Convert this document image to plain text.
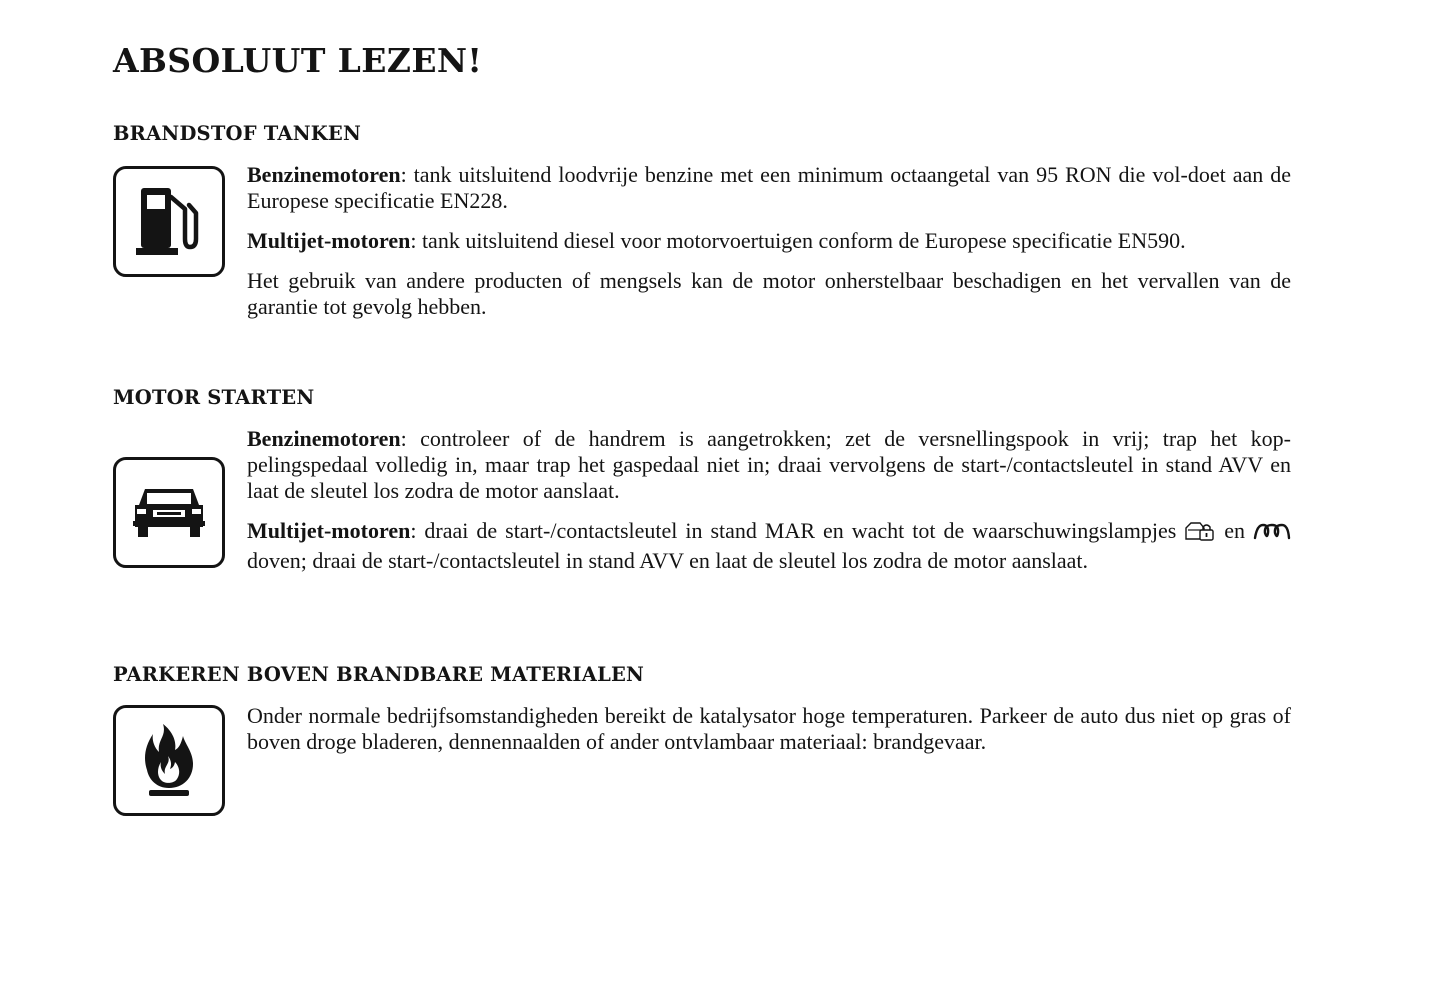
ABSOLUUT LEZEN!
BRANDSTOF TANKEN

Benzinemotoren: tank uitsluitend loodvrije benzine met een minimum octaangetal van 95 RON die vol-doet aan de Europese specificatie EN228.

Multijet-motoren: tank uitsluitend diesel voor motorvoertuigen conform de Europese specificatie EN590.

Het gebruik van andere producten of mengsels kan de motor onherstelbaar beschadigen en het vervallen van de garantie tot gevolg hebben.

MOTOR STARTEN

Benzinemotoren: controleer of de handrem is aangetrokken; zet de versnellingspook in vrij; trap het kop-pelingspedaal volledig in, maar trap het gaspedaal niet in; draai vervolgens de start-/contactsleutel in stand AVV en laat de sleutel los zodra de motor aanslaat.

Multijet-motoren: draai de start-/contactsleutel in stand MAR en wacht tot de waarschuwingslampjes en  doven; draai de start-/contactsleutel in stand AVV en laat de sleutel los zodra de motor aanslaat.

PARKEREN BOVEN BRANDBARE MATERIALEN

Onder normale bedrijfsomstandigheden bereikt de katalysator hoge temperaturen. Parkeer de auto dus niet op gras of boven droge bladeren, dennennaalden of ander ontvlambaar materiaal: brandgevaar.
